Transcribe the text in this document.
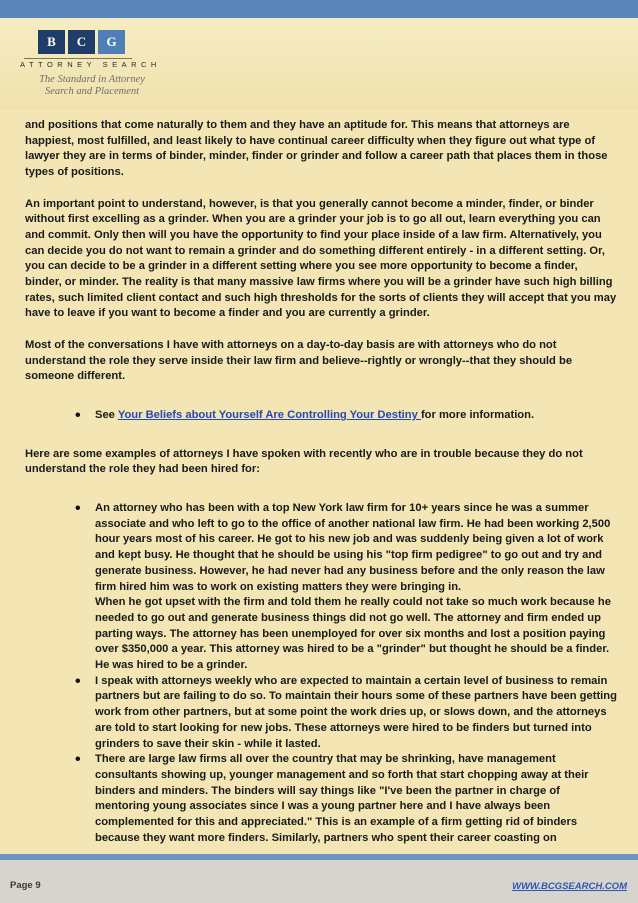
B	C	G
ATTORNEY SEARCH
The Standard in Attorney
Search and Placement

and positions that come naturally to them and they have an aptitude for. This means that attorneys are happiest, most fulfilled, and least likely to have continual career difficulty when they figure out what type of lawyer they are in terms of binder, minder, finder or grinder and follow a career path that places them in those types of positions.

An important point to understand, however, is that you generally cannot become a minder, finder, or binder without first excelling as a grinder. When you are a grinder your job is to go all out, learn everything you can and commit. Only then will you have the opportunity to find your place inside of a law firm. Alternatively, you can decide you do not want to remain a grinder and do something different entirely - in a different setting. Or, you can decide to be a grinder in a different setting where you see more opportunity to become a finder, binder, or minder. The reality is that many massive law firms where you will be a grinder have such high billing rates, such limited client contact and such high thresholds for the sorts of clients they will accept that you may have to leave if you want to become a finder and you are currently a grinder.

Most of the conversations I have with attorneys on a day-to-day basis are with attorneys who do not understand the role they serve inside their law firm and believe--rightly or wrongly--that they should be someone different.

• See Your Beliefs about Yourself Are Controlling Your Destiny for more information.

Here are some examples of attorneys I have spoken with recently who are in trouble because they do not understand the role they had been hired for:

• An attorney who has been with a top New York law firm for 10+ years since he was a summer associate and who left to go to the office of another national law firm. He had been working 2,500 hour years most of his career. He got to his new job and was suddenly being given a lot of work and kept busy. He thought that he should be using his "top firm pedigree" to go out and try and generate business. However, he had never had any business before and the only reason the law firm hired him was to work on existing matters they were bringing in.
When he got upset with the firm and told them he really could not take so much work because he needed to go out and generate business things did not go well. The attorney and firm ended up parting ways. The attorney has been unemployed for over six months and lost a position paying over $350,000 a year. This attorney was hired to be a "grinder" but thought he should be a finder. He was hired to be a grinder.
• I speak with attorneys weekly who are expected to maintain a certain level of business to remain partners but are failing to do so. To maintain their hours some of these partners have been getting work from other partners, but at some point the work dries up, or slows down, and the attorneys are told to start looking for new jobs. These attorneys were hired to be finders but turned into grinders to save their skin - while it lasted.
• There are large law firms all over the country that may be shrinking, have management consultants showing up, younger management and so forth that start chopping away at their binders and minders. The binders will say things like "I've been the partner in charge of mentoring young associates since I was a young partner here and I have always been complemented for this and appreciated." This is an example of a firm getting rid of binders because they want more finders. Similarly, partners who spent their career coasting on
Page 9	WWW.BCGSEARCH.COM
